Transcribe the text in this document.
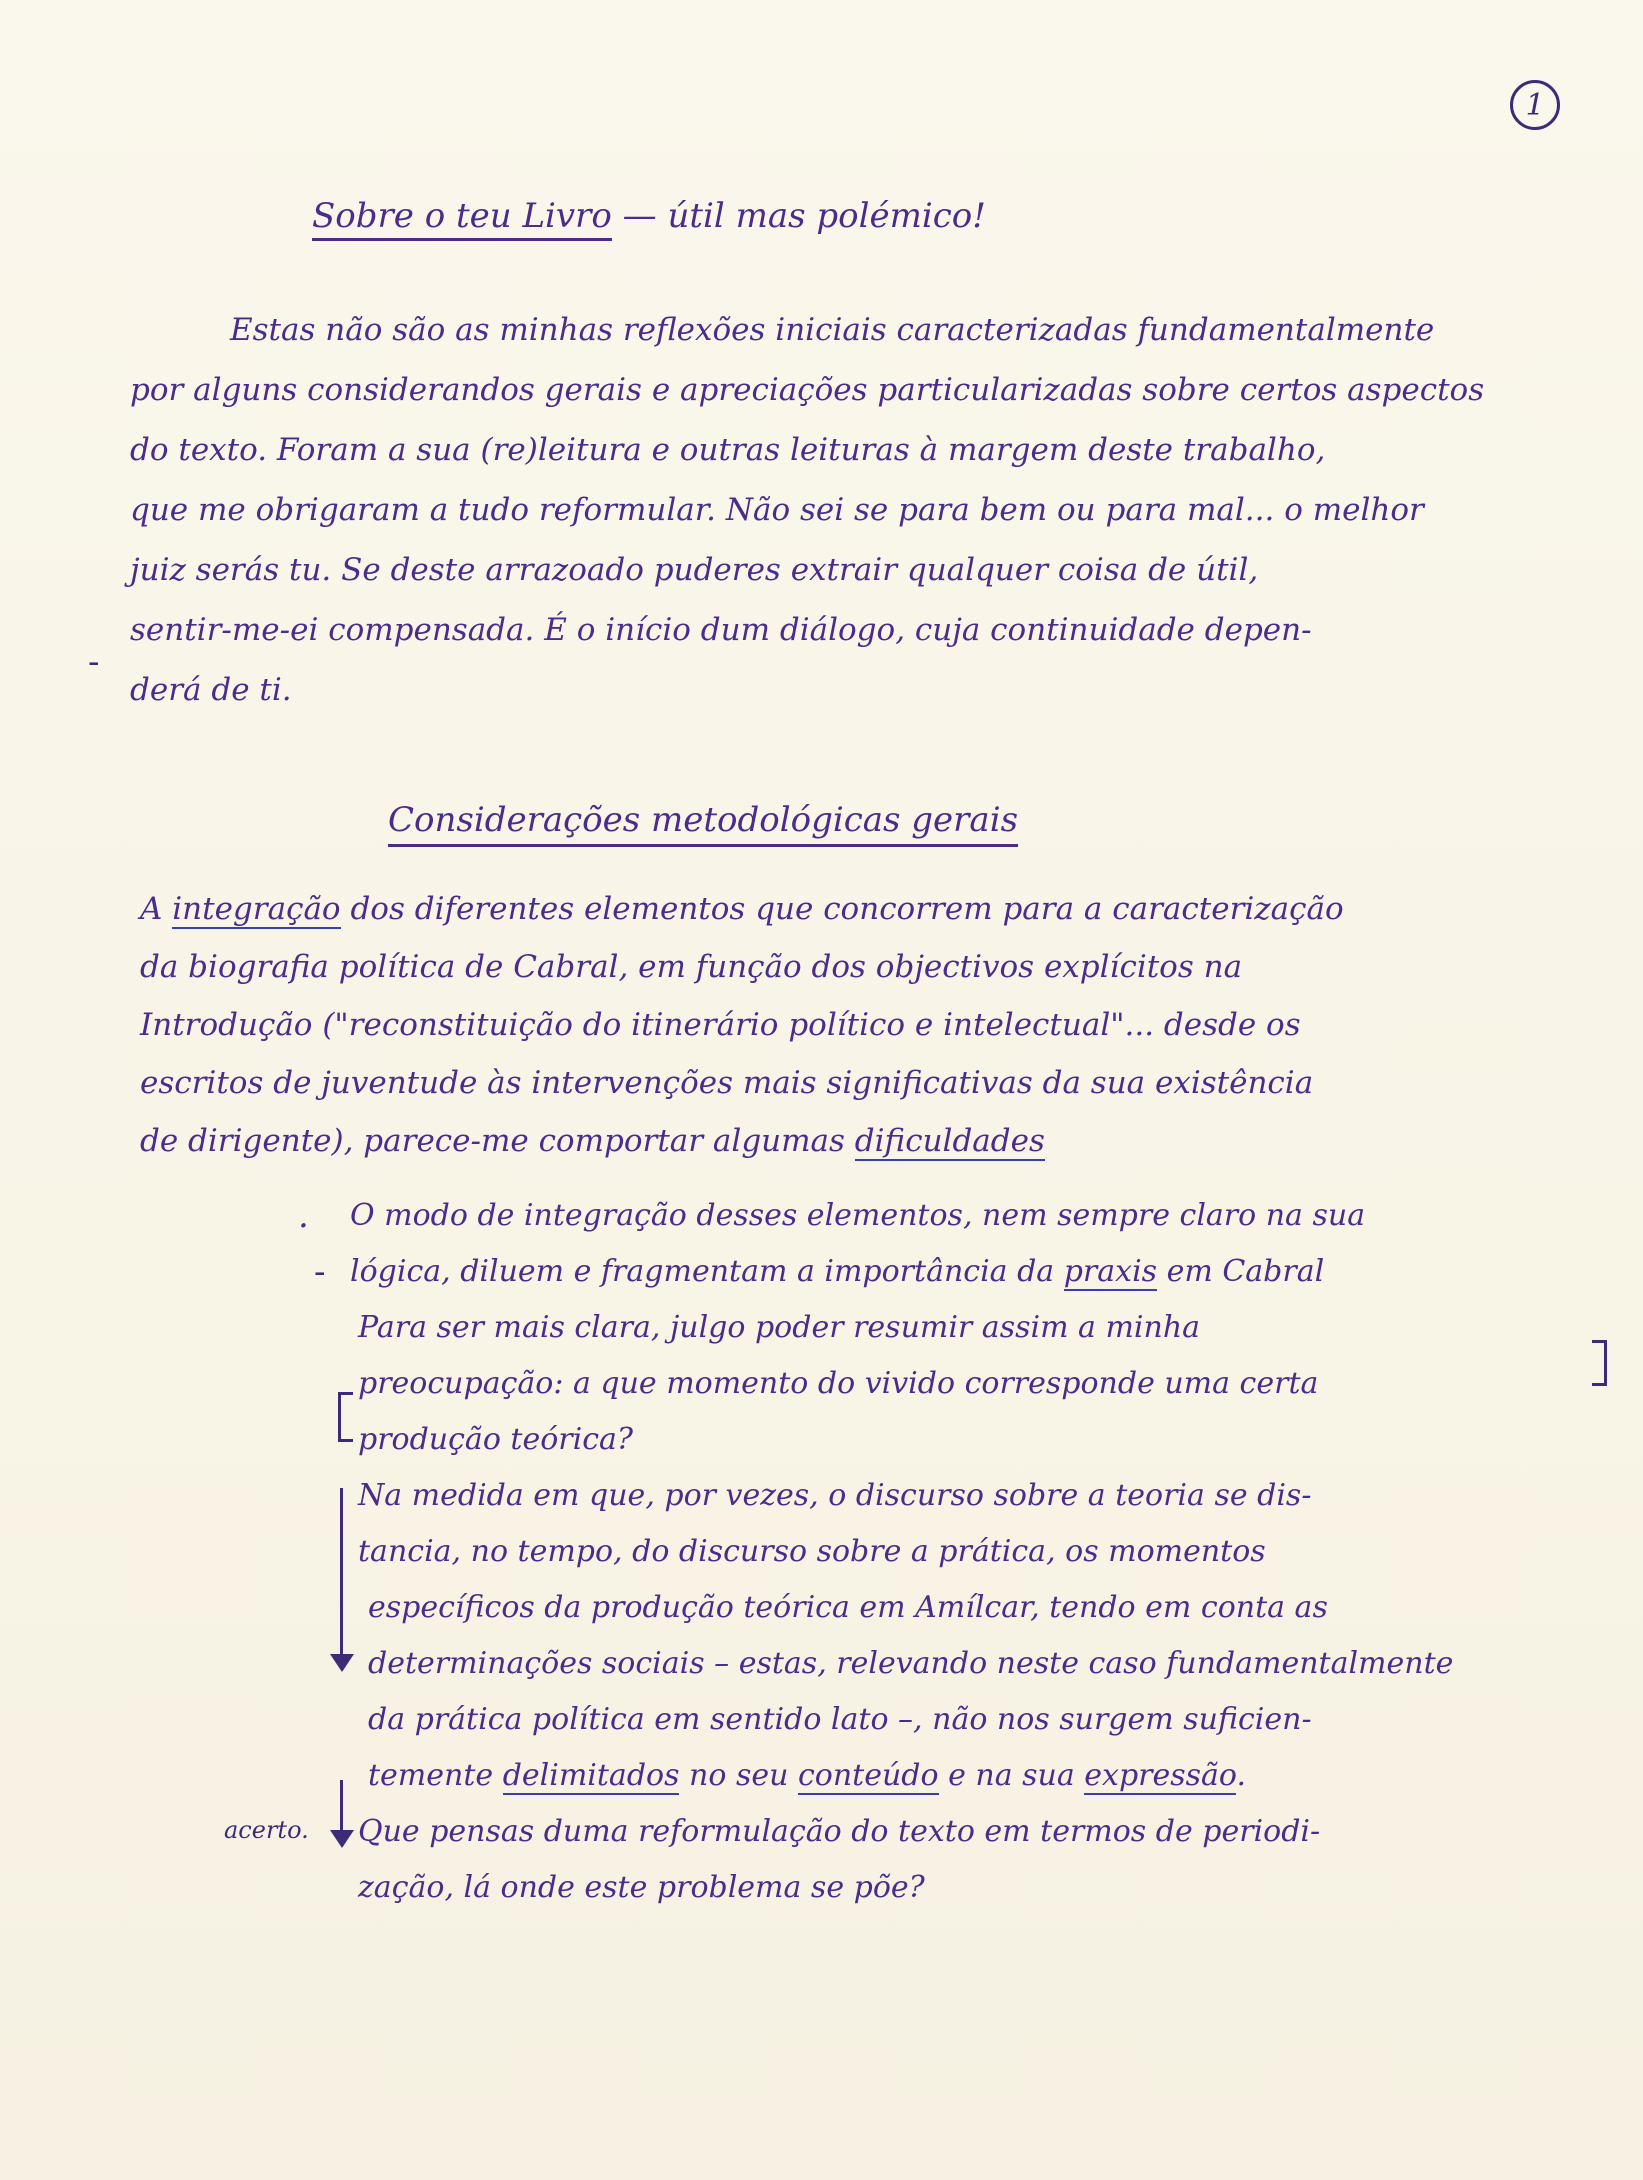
1
Sobre o teu Livro — útil mas polémico!
-
Estas não são as minhas reflexões iniciais caracterizadas fundamentalmente
por alguns considerandos gerais e apreciações particularizadas sobre certos aspectos
do texto. Foram a sua (re)leitura e outras leituras à margem deste trabalho,
que me obrigaram a tudo reformular. Não sei se para bem ou para mal... o melhor
juiz serás tu. Se deste arrazoado puderes extrair qualquer coisa de útil,
sentir-me-ei compensada. É o início dum diálogo, cuja continuidade depen-
derá de ti.
Considerações metodológicas gerais
A integração dos diferentes elementos que concorrem para a caracterização
da biografia política de Cabral, em função dos objectivos explícitos na
Introdução ("reconstituição do itinerário político e intelectual"... desde os
escritos de juventude às intervenções mais significativas da sua existência
de dirigente), parece-me comportar algumas dificuldades
.
-
O modo de integração desses elementos, nem sempre claro na sua
lógica, diluem e fragmentam a importância da praxis em Cabral
Para ser mais clara, julgo poder resumir assim a minha
preocupação: a que momento do vivido corresponde uma certa
produção teórica?
Na medida em que, por vezes, o discurso sobre a teoria se dis-
tancia, no tempo, do discurso sobre a prática, os momentos
específicos da produção teórica em Amílcar, tendo em conta as
determinações sociais – estas, relevando neste caso fundamentalmente
da prática política em sentido lato –, não nos surgem suficien-
temente delimitados no seu conteúdo e na sua expressão.
Que pensas duma reformulação do texto em termos de periodi-
zação, lá onde este problema se põe?
acerto.
